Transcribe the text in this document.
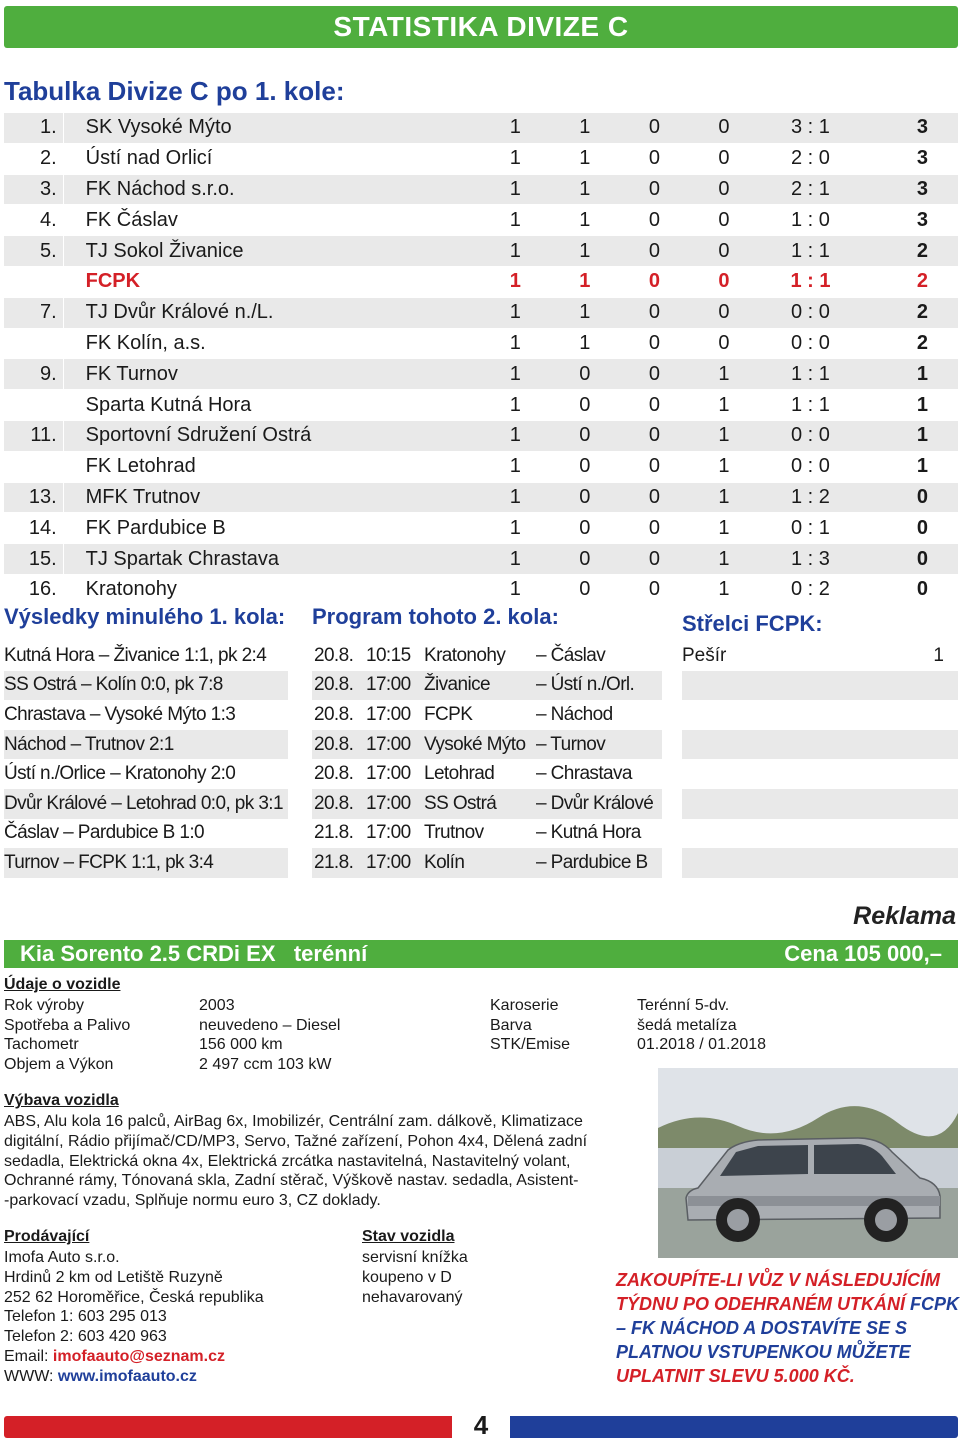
STATISTIKA DIVIZE C
Tabulka Divize C po 1. kole:
1.	SK Vysoké Mýto	1	1	0	0	3 : 1	3
2.	Ústí nad Orlicí	1	1	0	0	2 : 0	3
3.	FK Náchod s.r.o.	1	1	0	0	2 : 1	3
4.	FK Čáslav	1	1	0	0	1 : 0	3
5.	TJ Sokol Živanice	1	1	0	0	1 : 1	2
FCPK	1	1	0	0	1 : 1	2
7.	TJ Dvůr Králové n./L.	1	1	0	0	0 : 0	2
FK Kolín, a.s.	1	1	0	0	0 : 0	2
9.	FK Turnov	1	0	0	1	1 : 1	1
Sparta Kutná Hora	1	0	0	1	1 : 1	1
11.	Sportovní Sdružení Ostrá	1	0	0	1	0 : 0	1
FK Letohrad	1	0	0	1	0 : 0	1
13.	MFK Trutnov	1	0	0	1	1 : 2	0
14.	FK Pardubice B	1	0	0	1	0 : 1	0
15.	TJ Spartak Chrastava	1	0	0	1	1 : 3	0
16.	Kratonohy	1	0	0	1	0 : 2	0
Výsledky minulého 1. kola:
Kutná Hora – Živanice 1:1, pk 2:4
SS Ostrá – Kolín 0:0, pk 7:8
Chrastava – Vysoké Mýto 1:3
Náchod – Trutnov 2:1
Ústí n./Orlice – Kratonohy 2:0
Dvůr Králové – Letohrad 0:0, pk 3:1
Čáslav – Pardubice B 1:0
Turnov – FCPK 1:1, pk 3:4
Program tohoto 2. kola:
20.8. 10:15 Kratonohy	– Čáslav
20.8. 17:00 Živanice	– Ústí n./Orl.
20.8. 17:00 FCPK	– Náchod
20.8. 17:00 Vysoké Mýto – Turnov
20.8. 17:00 Letohrad	– Chrastava
20.8. 17:00 SS Ostrá	– Dvůr Králové
21.8. 17:00 Trutnov	– Kutná Hora
21.8. 17:00 Kolín	– Pardubice B
Střelci FCPK:
Pešír	1
Reklama
Kia Sorento 2.5 CRDi EX   terénní	Cena 105 000,–
Údaje o vozidle
Rok výroby	2003
Spotřeba a Palivo	neuvedeno – Diesel
Tachometr	156 000 km
Objem a Výkon	2 497 ccm 103 kW
Karoserie	Terénní 5-dv.
Barva	šedá metalíza
STK/Emise	01.2018 / 01.2018
Výbava vozidla
ABS, Alu kola 16 palců, AirBag 6x, Imobilizér, Centrální zam. dálkově, Klimatizace
digitální, Rádio přijímač/CD/MP3, Servo, Tažné zařízení, Pohon 4x4, Dělená zadní
sedadla, Elektrická okna 4x, Elektrická zrcátka nastavitelná, Nastavitelný volant,
Ochranné rámy, Tónovaná skla, Zadní stěrač, Výškově nastav. sedadla, Asistent-
-parkovací vzadu, Splňuje normu euro 3, CZ doklady.
Prodávající
Imofa Auto s.r.o.
Hrdinů 2 km od Letiště Ruzyně
252 62 Horoměřice, Česká republika
Telefon 1: 603 295 013
Telefon 2: 603 420 963
Email: imofaauto@seznam.cz
WWW: www.imofaauto.cz
Stav vozidla
servisní knížka
koupeno v D
nehavarovaný
ZAKOUPÍTE-LI VŮZ V NÁSLEDUJÍCÍM TÝDNU PO ODEHRANÉM UTKÁNÍ FCPK – FK NÁCHOD A DOSTAVÍTE SE S PLATNOU VSTUPENKOU MŮŽETE UPLATNIT SLEVU 5.000 KČ.
4
